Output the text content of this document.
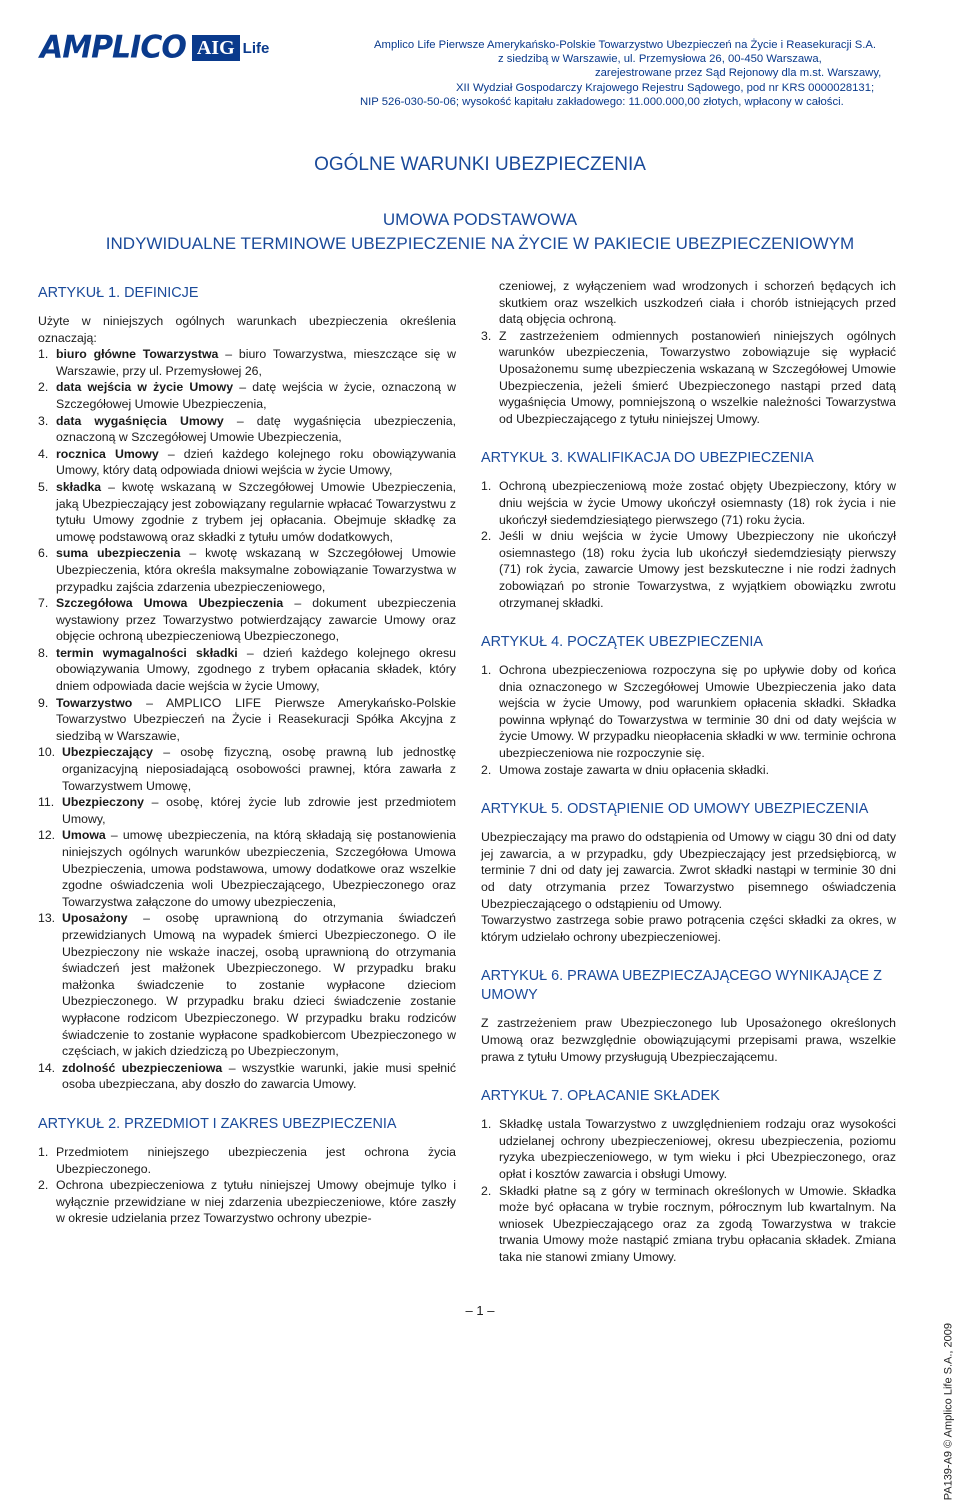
AMPLICO AIG Life	Amplico Life Pierwsze Amerykańsko-Polskie Towarzystwo Ubezpieczeń na Życie i Reasekuracji S.A.
z siedzibą w Warszawie, ul. Przemysłowa 26, 00-450 Warszawa,
zarejestrowane przez Sąd Rejonowy dla m.st. Warszawy,
XII Wydział Gospodarczy Krajowego Rejestru Sądowego, pod nr KRS 0000028131;
NIP 526-030-50-06; wysokość kapitału zakładowego: 11.000.000,00 złotych, wpłacony w całości.
OGÓLNE WARUNKI UBEZPIECZENIA
UMOWA PODSTAWOWA
INDYWIDUALNE TERMINOWE UBEZPIECZENIE NA ŻYCIE W PAKIECIE UBEZPIECZENIOWYM
ARTYKUŁ 1. DEFINICJE
Użyte w niniejszych ogólnych warunkach ubezpieczenia określenia oznaczają:
1. biuro główne Towarzystwa – biuro Towarzystwa, mieszczące się w Warszawie, przy ul. Przemysłowej 26,
2. data wejścia w życie Umowy – datę wejścia w życie, oznaczoną w Szczegółowej Umowie Ubezpieczenia,
3. data wygaśnięcia Umowy – datę wygaśnięcia ubezpieczenia, oznaczoną w Szczegółowej Umowie Ubezpieczenia,
4. rocznica Umowy – dzień każdego kolejnego roku obowiązywania Umowy, który datą odpowiada dniowi wejścia w życie Umowy,
5. składka – kwotę wskazaną w Szczegółowej Umowie Ubezpieczenia, jaką Ubezpieczający jest zobowiązany regularnie wpłacać Towarzystwu z tytułu Umowy zgodnie z trybem jej opłacania. Obejmuje składkę za umowę podstawową oraz składki z tytułu umów dodatkowych,
6. suma ubezpieczenia – kwotę wskazaną w Szczegółowej Umowie Ubezpieczenia, która określa maksymalne zobowiązanie Towarzystwa w przypadku zajścia zdarzenia ubezpieczeniowego,
7. Szczegółowa Umowa Ubezpieczenia – dokument ubezpieczenia wystawiony przez Towarzystwo potwierdzający zawarcie Umowy oraz objęcie ochroną ubezpieczeniową Ubezpieczonego,
8. termin wymagalności składki – dzień każdego kolejnego okresu obowiązywania Umowy, zgodnego z trybem opłacania składek, który dniem odpowiada dacie wejścia w życie Umowy,
9. Towarzystwo – AMPLICO LIFE Pierwsze Amerykańsko-Polskie Towarzystwo Ubezpieczeń na Życie i Reasekuracji Spółka Akcyjna z siedzibą w Warszawie,
10. Ubezpieczający – osobę fizyczną, osobę prawną lub jednostkę organizacyjną nieposiadającą osobowości prawnej, która zawarła z Towarzystwem Umowę,
11. Ubezpieczony – osobę, której życie lub zdrowie jest przedmiotem Umowy,
12. Umowa – umowę ubezpieczenia, na którą składają się postanowienia niniejszych ogólnych warunków ubezpieczenia, Szczegółowa Umowa Ubezpieczenia, umowa podstawowa, umowy dodatkowe oraz wszelkie zgodne oświadczenia woli Ubezpieczającego, Ubezpieczonego oraz Towarzystwa załączone do umowy ubezpieczenia,
13. Uposażony – osobę uprawnioną do otrzymania świadczeń przewidzianych Umową na wypadek śmierci Ubezpieczonego. O ile Ubezpieczony nie wskaże inaczej, osobą uprawnioną do otrzymania świadczeń jest małżonek Ubezpieczonego. W przypadku braku małżonka świadczenie to zostanie wypłacone dzieciom Ubezpieczonego. W przypadku braku dzieci świadczenie zostanie wypłacone rodzicom Ubezpieczonego. W przypadku braku rodziców świadczenie to zostanie wypłacone spadkobiercom Ubezpieczonego w częściach, w jakich dziedziczą po Ubezpieczonym,
14. zdolność ubezpieczeniowa – wszystkie warunki, jakie musi spełnić osoba ubezpieczana, aby doszło do zawarcia Umowy.
ARTYKUŁ 2. PRZEDMIOT I ZAKRES UBEZPIECZENIA
1. Przedmiotem niniejszego ubezpieczenia jest ochrona życia Ubezpieczonego.
2. Ochrona ubezpieczeniowa z tytułu niniejszej Umowy obejmuje tylko i wyłącznie przewidziane w niej zdarzenia ubezpieczeniowe, które zaszły w okresie udzielania przez Towarzystwo ochrony ubezpie-
czeniowej, z wyłączeniem wad wrodzonych i schorzeń będących ich skutkiem oraz wszelkich uszkodzeń ciała i chorób istniejących przed datą objęcia ochroną.
3. Z zastrzeżeniem odmiennych postanowień niniejszych ogólnych warunków ubezpieczenia, Towarzystwo zobowiązuje się wypłacić Uposażonemu sumę ubezpieczenia wskazaną w Szczegółowej Umowie Ubezpieczenia, jeżeli śmierć Ubezpieczonego nastąpi przed datą wygaśnięcia Umowy, pomniejszoną o wszelkie należności Towarzystwa od Ubezpieczającego z tytułu niniejszej Umowy.
ARTYKUŁ 3. KWALIFIKACJA DO UBEZPIECZENIA
1. Ochroną ubezpieczeniową może zostać objęty Ubezpieczony, który w dniu wejścia w życie Umowy ukończył osiemnasty (18) rok życia i nie ukończył siedemdziesiątego pierwszego (71) roku życia.
2. Jeśli w dniu wejścia w życie Umowy Ubezpieczony nie ukończył osiemnastego (18) roku życia lub ukończył siedemdziesiąty pierwszy (71) rok życia, zawarcie Umowy jest bezskuteczne i nie rodzi żadnych zobowiązań po stronie Towarzystwa, z wyjątkiem obowiązku zwrotu otrzymanej składki.
ARTYKUŁ 4. POCZĄTEK UBEZPIECZENIA
1. Ochrona ubezpieczeniowa rozpoczyna się po upływie doby od końca dnia oznaczonego w Szczegółowej Umowie Ubezpieczenia jako data wejścia w życie Umowy, pod warunkiem opłacenia składki. Składka powinna wpłynąć do Towarzystwa w terminie 30 dni od daty wejścia w życie Umowy. W przypadku nieopłacenia składki w ww. terminie ochrona ubezpieczeniowa nie rozpoczynie się.
2. Umowa zostaje zawarta w dniu opłacenia składki.
ARTYKUŁ 5. ODSTĄPIENIE OD UMOWY UBEZPIECZENIA
Ubezpieczający ma prawo do odstąpienia od Umowy w ciągu 30 dni od daty jej zawarcia, a w przypadku, gdy Ubezpieczający jest przedsiębiorcą, w terminie 7 dni od daty jej zawarcia. Zwrot składki nastąpi w terminie 30 dni od daty otrzymania przez Towarzystwo pisemnego oświadczenia Ubezpieczającego o odstąpieniu od Umowy.
Towarzystwo zastrzega sobie prawo potrącenia części składki za okres, w którym udzielało ochrony ubezpieczeniowej.
ARTYKUŁ 6. PRAWA UBEZPIECZAJĄCEGO WYNIKAJĄCE Z UMOWY
Z zastrzeżeniem praw Ubezpieczonego lub Uposażonego określonych Umową oraz bezwzględnie obowiązującymi przepisami prawa, wszelkie prawa z tytułu Umowy przysługują Ubezpieczającemu.
ARTYKUŁ 7. OPŁACANIE SKŁADEK
1. Składkę ustala Towarzystwo z uwzględnieniem rodzaju oraz wysokości udzielanej ochrony ubezpieczeniowej, okresu ubezpieczenia, poziomu ryzyka ubezpieczeniowego, w tym wieku i płci Ubezpieczonego, oraz opłat i kosztów zawarcia i obsługi Umowy.
2. Składki płatne są z góry w terminach określonych w Umowie. Składka może być opłacana w trybie rocznym, półrocznym lub kwartalnym. Na wniosek Ubezpieczającego oraz za zgodą Towarzystwa w trakcie trwania Umowy może nastąpić zmiana trybu opłacania składek. Zmiana taka nie stanowi zmiany Umowy.
– 1 –
PA139-A9 © Amplico Life S.A., 2009
